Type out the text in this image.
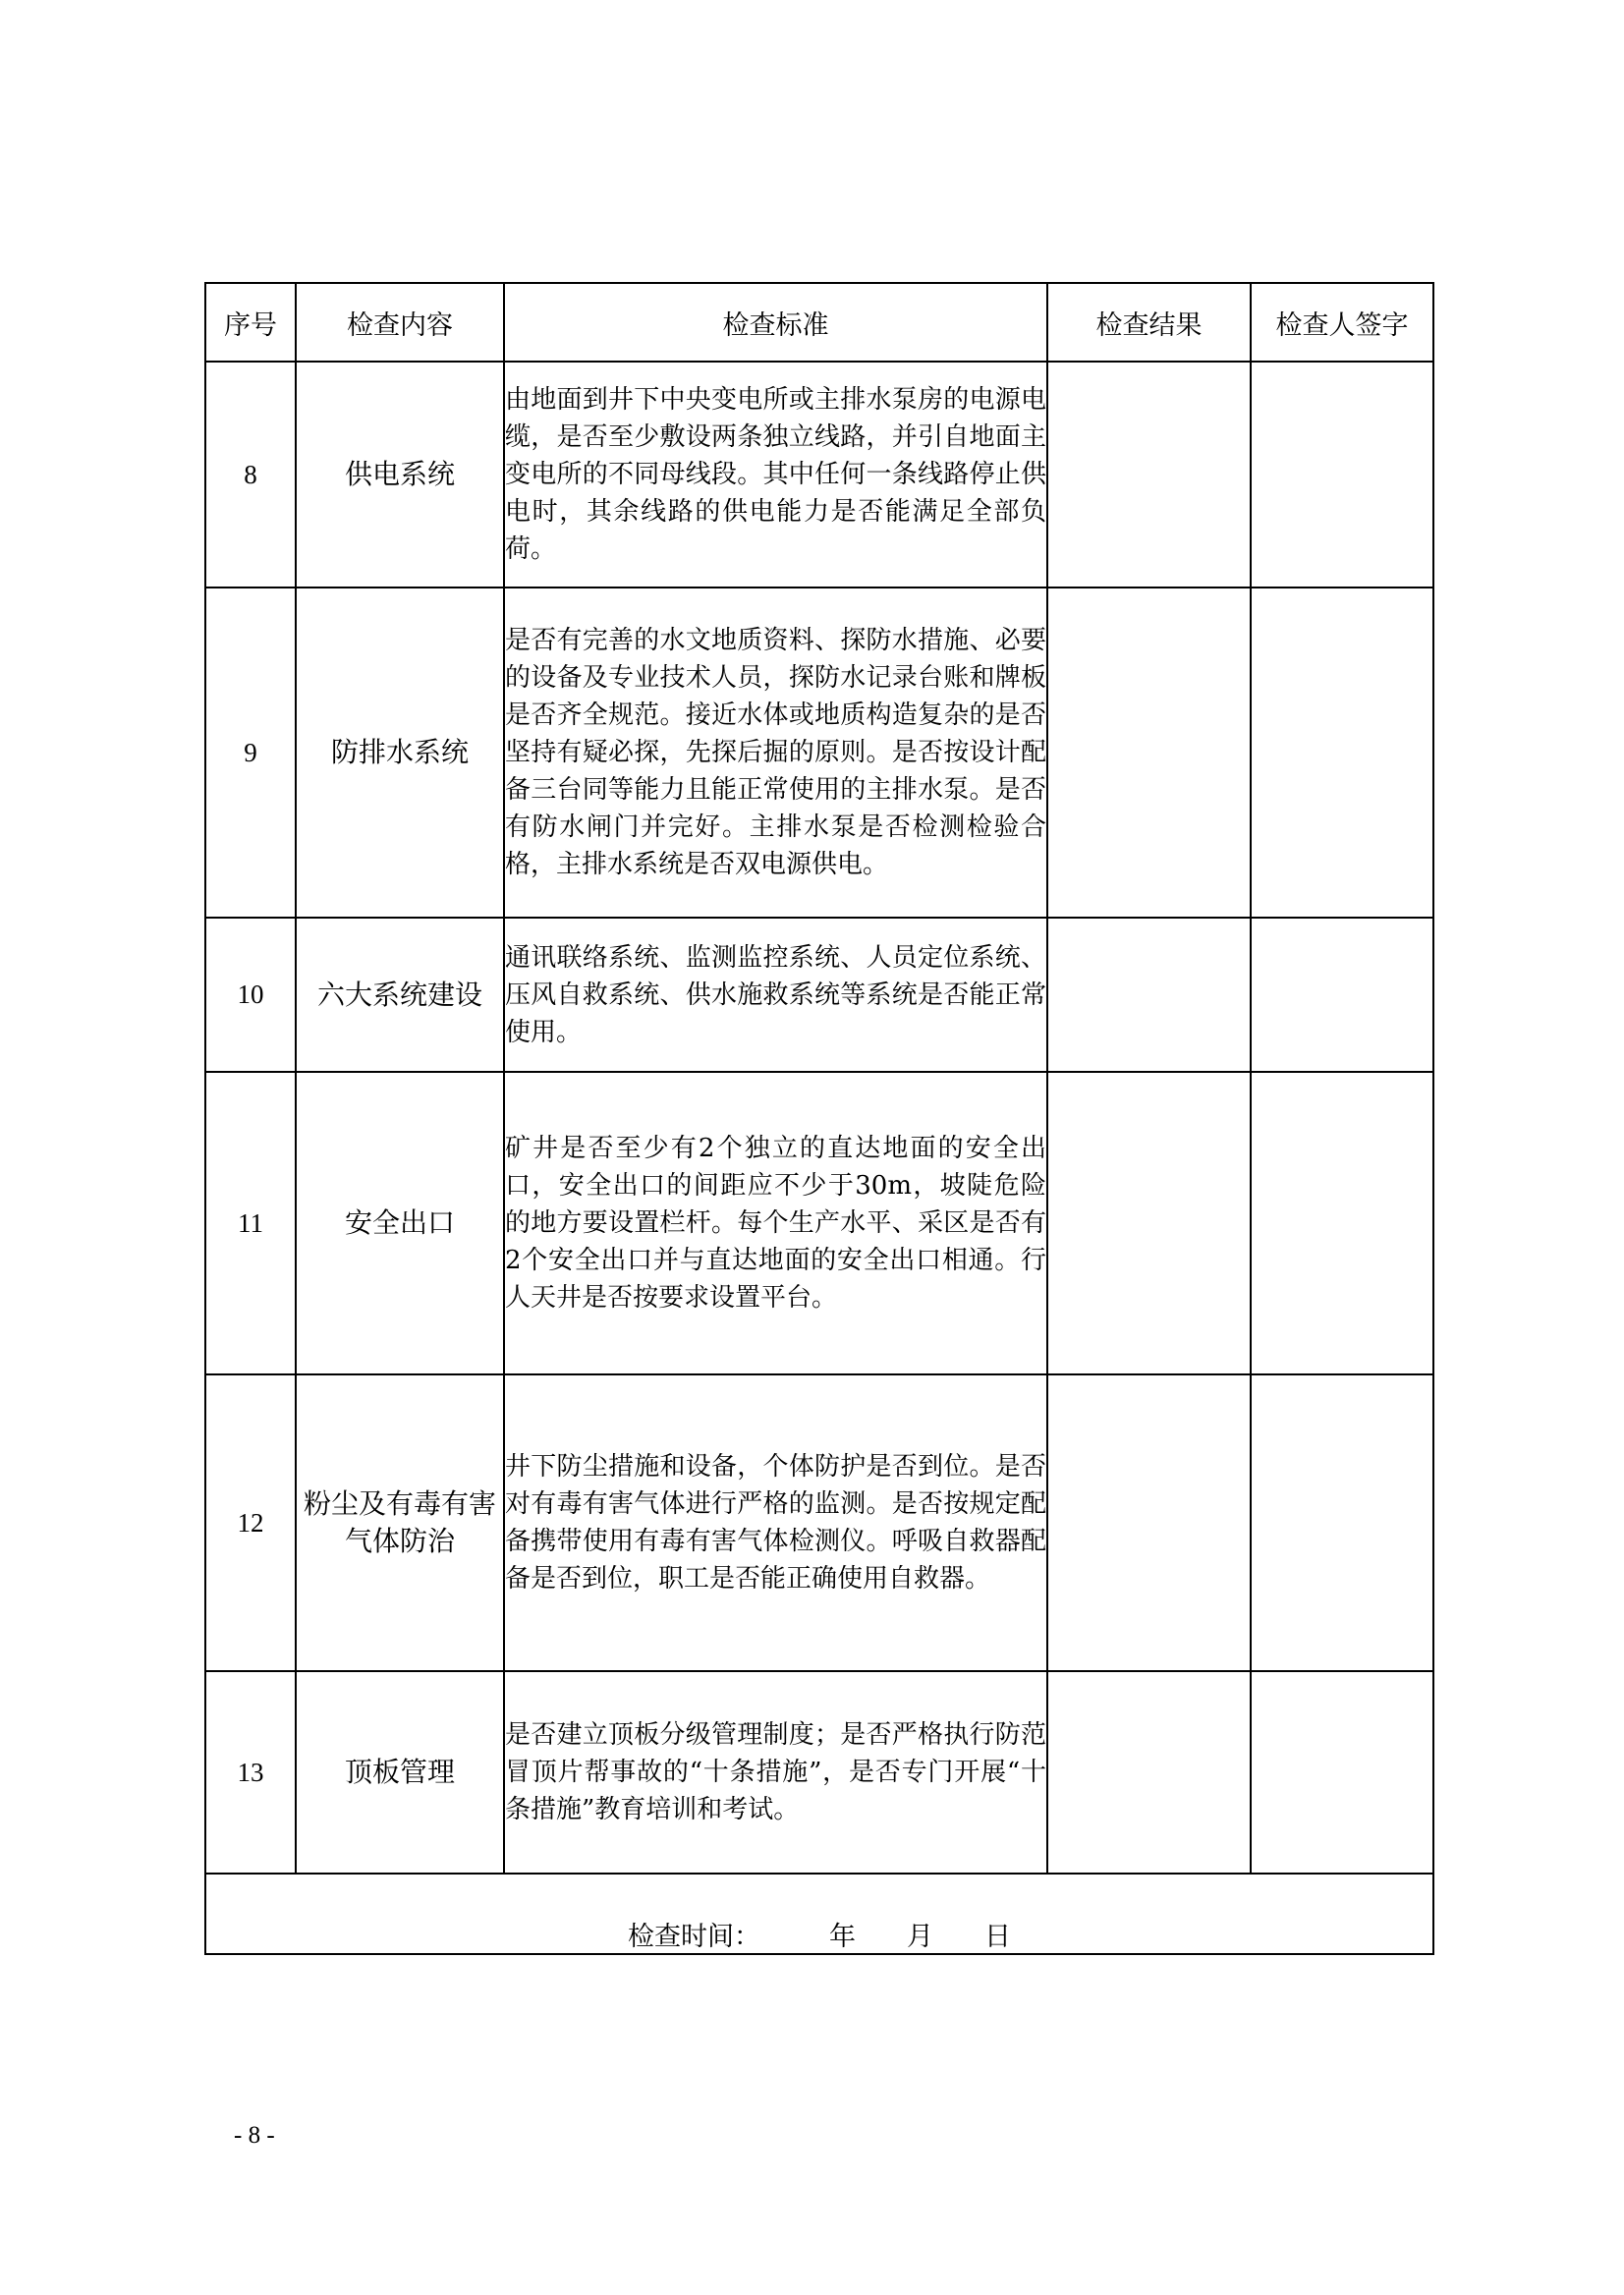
序号	检查内容	检查标准	检查结果	检查人签字
8	供电系统	由地面到井下中央变电所或主排水泵房的电源电缆，是否至少敷设两条独立线路，并引自地面主变电所的不同母线段。其中任何一条线路停止供电时，其余线路的供电能力是否能满足全部负荷。		
9	防排水系统	是否有完善的水文地质资料、探防水措施、必要的设备及专业技术人员，探防水记录台账和牌板是否齐全规范。接近水体或地质构造复杂的是否坚持有疑必探，先探后掘的原则。是否按设计配备三台同等能力且能正常使用的主排水泵。是否有防水闸门并完好。主排水泵是否检测检验合格，主排水系统是否双电源供电。		
10	六大系统建设	通讯联络系统、监测监控系统、人员定位系统、压风自救系统、供水施救系统等系统是否能正常使用。		
11	安全出口	矿井是否至少有2个独立的直达地面的安全出口，安全出口的间距应不少于30m，坡陡危险的地方要设置栏杆。每个生产水平、采区是否有2个安全出口并与直达地面的安全出口相通。行人天井是否按要求设置平台。		
12	粉尘及有毒有害气体防治	井下防尘措施和设备，个体防护是否到位。是否对有毒有害气体进行严格的监测。是否按规定配备携带使用有毒有害气体检测仪。呼吸自救器配备是否到位，职工是否能正确使用自救器。		
13	顶板管理	是否建立顶板分级管理制度；是否严格执行防范冒顶片帮事故的“十条措施”，是否专门开展“十条措施”教育培训和考试。		
检查时间： 年 月 日				
- 8 -
